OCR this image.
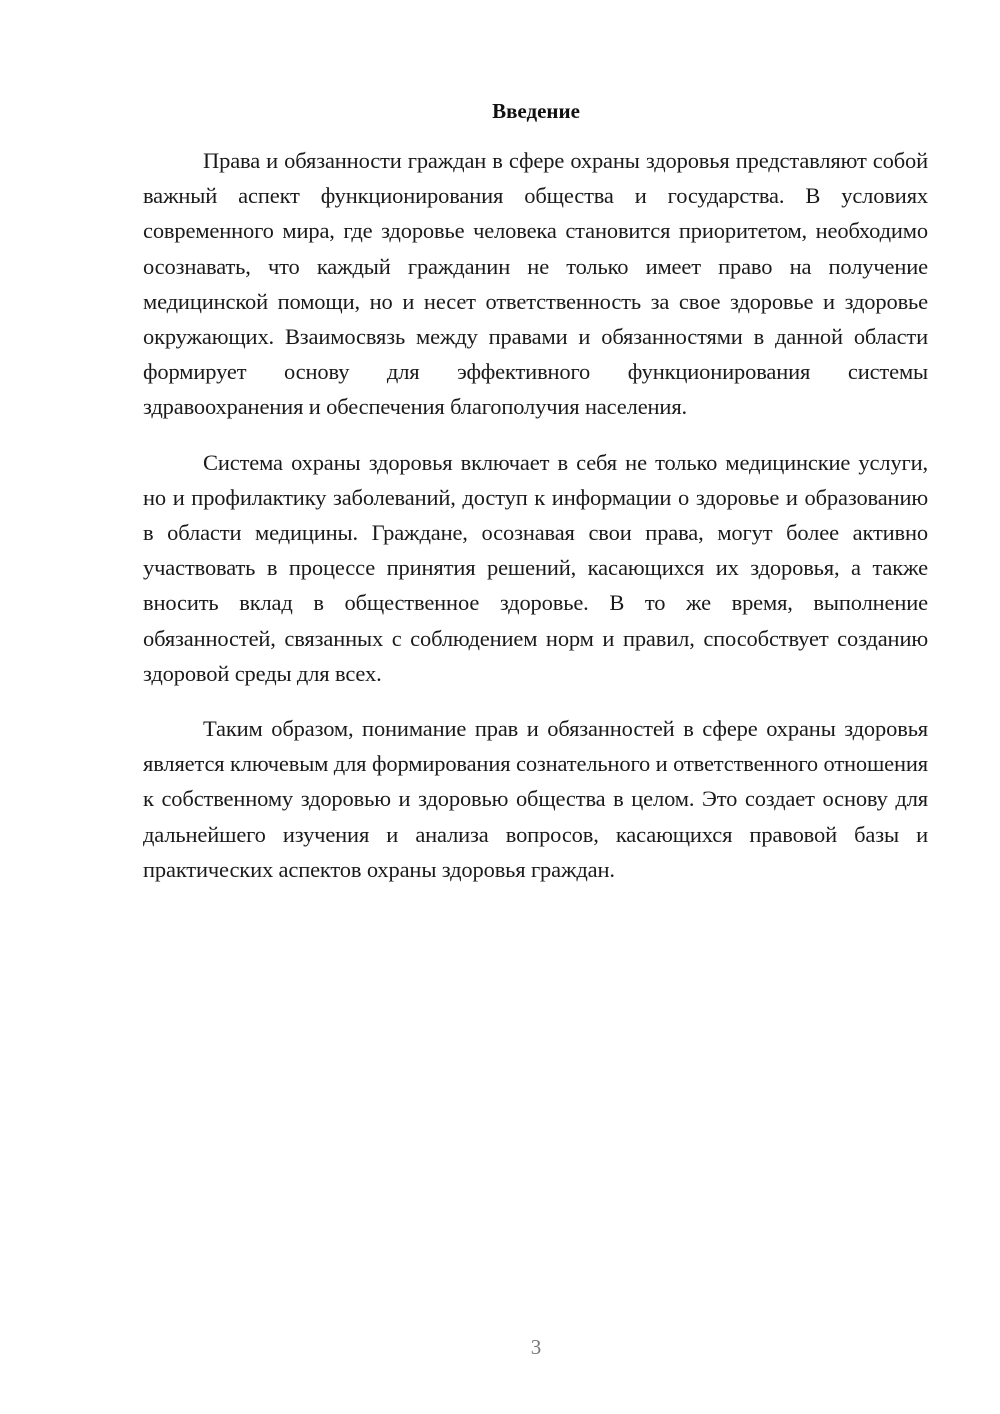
Введение

Права и обязанности граждан в сфере охраны здоровья представляют собой важный аспект функционирования общества и государства. В условиях современного мира, где здоровье человека становится приоритетом, необходимо осознавать, что каждый гражданин не только имеет право на получение медицинской помощи, но и несет ответственность за свое здоровье и здоровье окружающих. Взаимосвязь между правами и обязанностями в данной области формирует основу для эффективного функционирования системы здравоохранения и обеспечения благополучия населения.

Система охраны здоровья включает в себя не только медицинские услуги, но и профилактику заболеваний, доступ к информации о здоровье и образованию в области медицины. Граждане, осознавая свои права, могут более активно участвовать в процессе принятия решений, касающихся их здоровья, а также вносить вклад в общественное здоровье. В то же время, выполнение обязанностей, связанных с соблюдением норм и правил, способствует созданию здоровой среды для всех.

Таким образом, понимание прав и обязанностей в сфере охраны здоровья является ключевым для формирования сознательного и ответственного отношения к собственному здоровью и здоровью общества в целом. Это создает основу для дальнейшего изучения и анализа вопросов, касающихся правовой базы и практических аспектов охраны здоровья граждан.

3
